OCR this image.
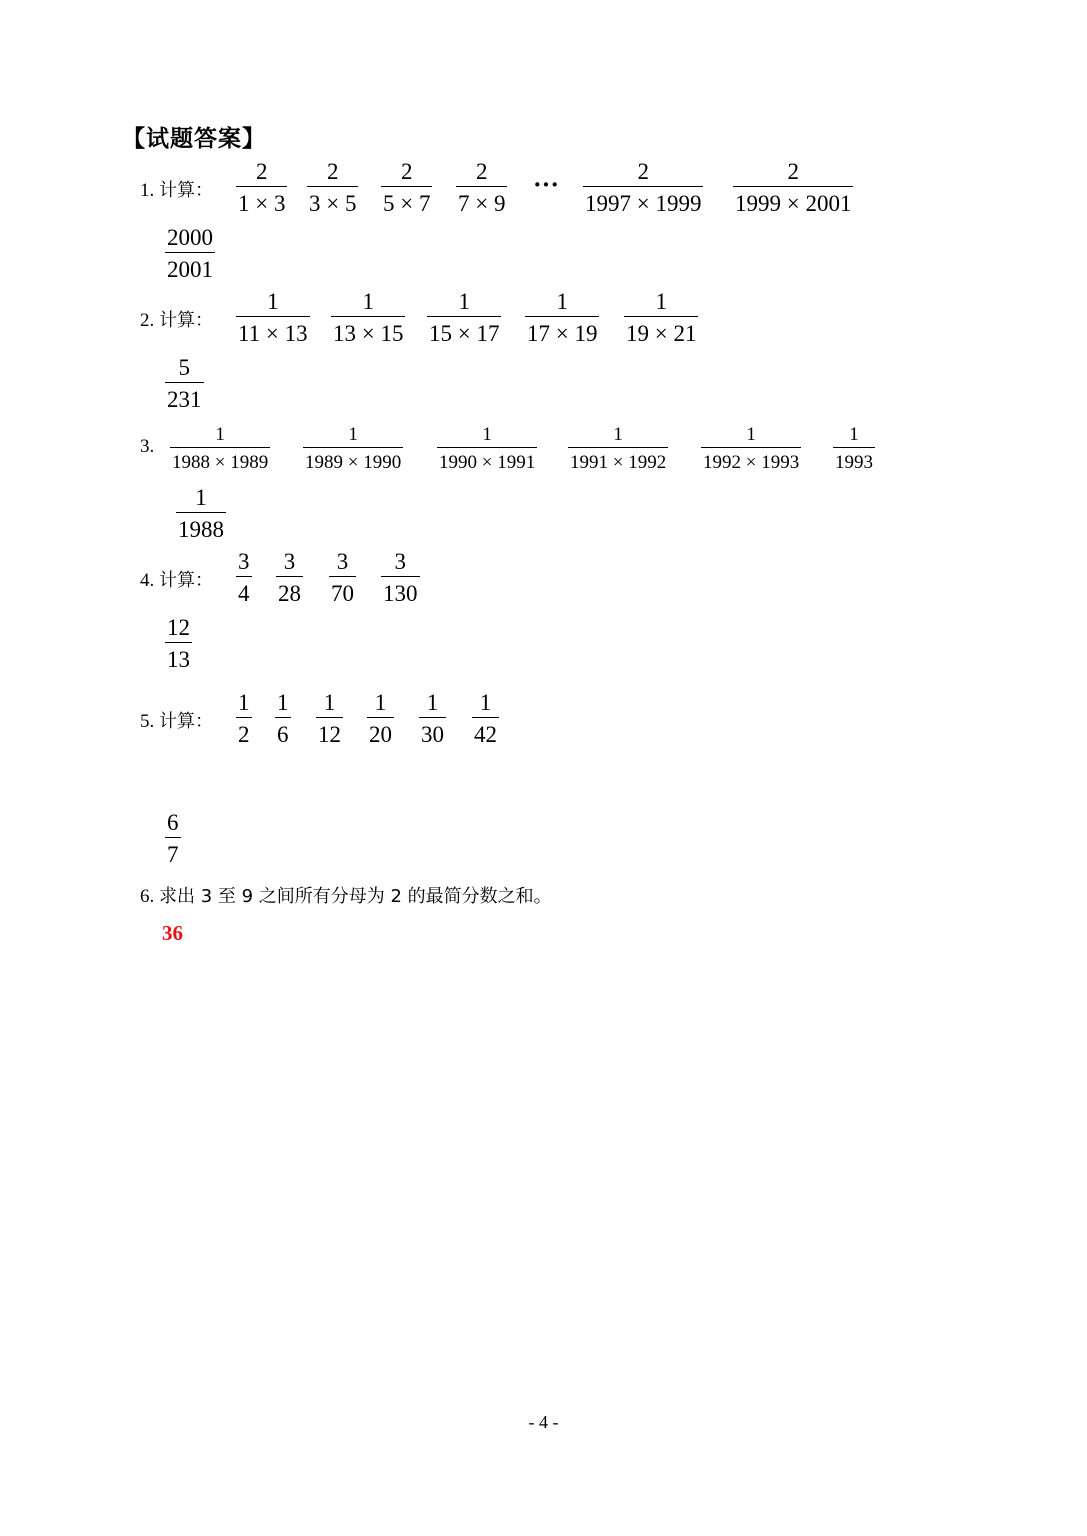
【试题答案】
1. 计算： $\frac{2}{1 \times 3} \frac{2}{3 \times 5} \frac{2}{5 \times 7} \frac{2}{7 \times 9}$ ··· $\frac{2}{1997 \times 1999} \frac{2}{1999 \times 2001}$
$\frac{2000}{2001}$
2. 计算： $\frac{1}{11 \times 13} \frac{1}{13 \times 15} \frac{1}{15 \times 17} \frac{1}{17 \times 19} \frac{1}{19 \times 21}$
$\frac{5}{231}$
3. $\frac{1}{1988 \times 1989} \frac{1}{1989 \times 1990} \frac{1}{1990 \times 1991} \frac{1}{1991 \times 1992} \frac{1}{1992 \times 1993} \frac{1}{1993}$
$\frac{1}{1988}$
4. 计算： $\frac{3}{4} \frac{3}{28} \frac{3}{70} \frac{3}{130}$
$\frac{12}{13}$
5. 计算： $\frac{1}{2} \frac{1}{6} \frac{1}{12} \frac{1}{20} \frac{1}{30} \frac{1}{42}$
$\frac{6}{7}$
6. 求出 3 至 9 之间所有分母为 2 的最简分数之和。
36
- 4 -
